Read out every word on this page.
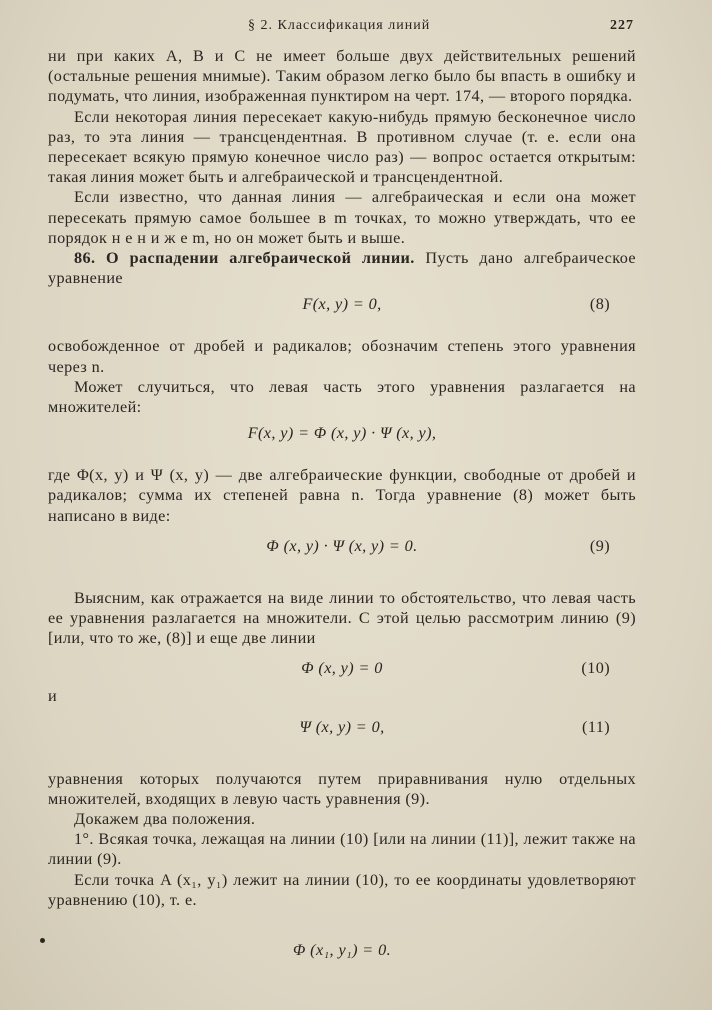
§ 2. Классификация линий	227

ни при каких A, B и C не имеет больше двух действительных решений (остальные решения мнимые). Таким образом легко было бы впасть в ошибку и подумать, что линия, изображенная пунктиром на черт. 174, — второго порядка.

Если некоторая линия пересекает какую-нибудь прямую бесконечное число раз, то эта линия — трансцендентная. В противном случае (т. е. если она пересекает всякую прямую конечное число раз) — вопрос остается открытым: такая линия может быть и алгебраической и трансцендентной.

Если известно, что данная линия — алгебраическая и если она может пересекать прямую самое большее в m точках, то можно утверждать, что ее порядок н е н и ж е m, но он может быть и выше.

86. О распадении алгебраической линии. Пусть дано алгебраическое уравнение

F(x, y) = 0,	(8)

освобожденное от дробей и радикалов; обозначим степень этого уравнения через n.

Может случиться, что левая часть этого уравнения разлагается на множителей:

F(x, y) = Φ (x, y) · Ψ (x, y),

где Φ(x, y) и Ψ (x, y) — две алгебраические функции, свободные от дробей и радикалов; сумма их степеней равна n. Тогда уравнение (8) может быть написано в виде:

Φ (x, y) · Ψ (x, y) = 0.	(9)

Выясним, как отражается на виде линии то обстоятельство, что левая часть ее уравнения разлагается на множители. С этой целью рассмотрим линию (9) [или, что то же, (8)] и еще две линии

Φ (x, y) = 0	(10)

и

Ψ (x, y) = 0,	(11)

уравнения которых получаются путем приравнивания нулю отдельных множителей, входящих в левую часть уравнения (9).

Докажем два положения.

1°. Всякая точка, лежащая на линии (10) [или на линии (11)], лежит также на линии (9).

Если точка A (x₁, y₁) лежит на линии (10), то ее координаты удовлетворяют уравнению (10), т. е.

Φ (x₁, y₁) = 0.
